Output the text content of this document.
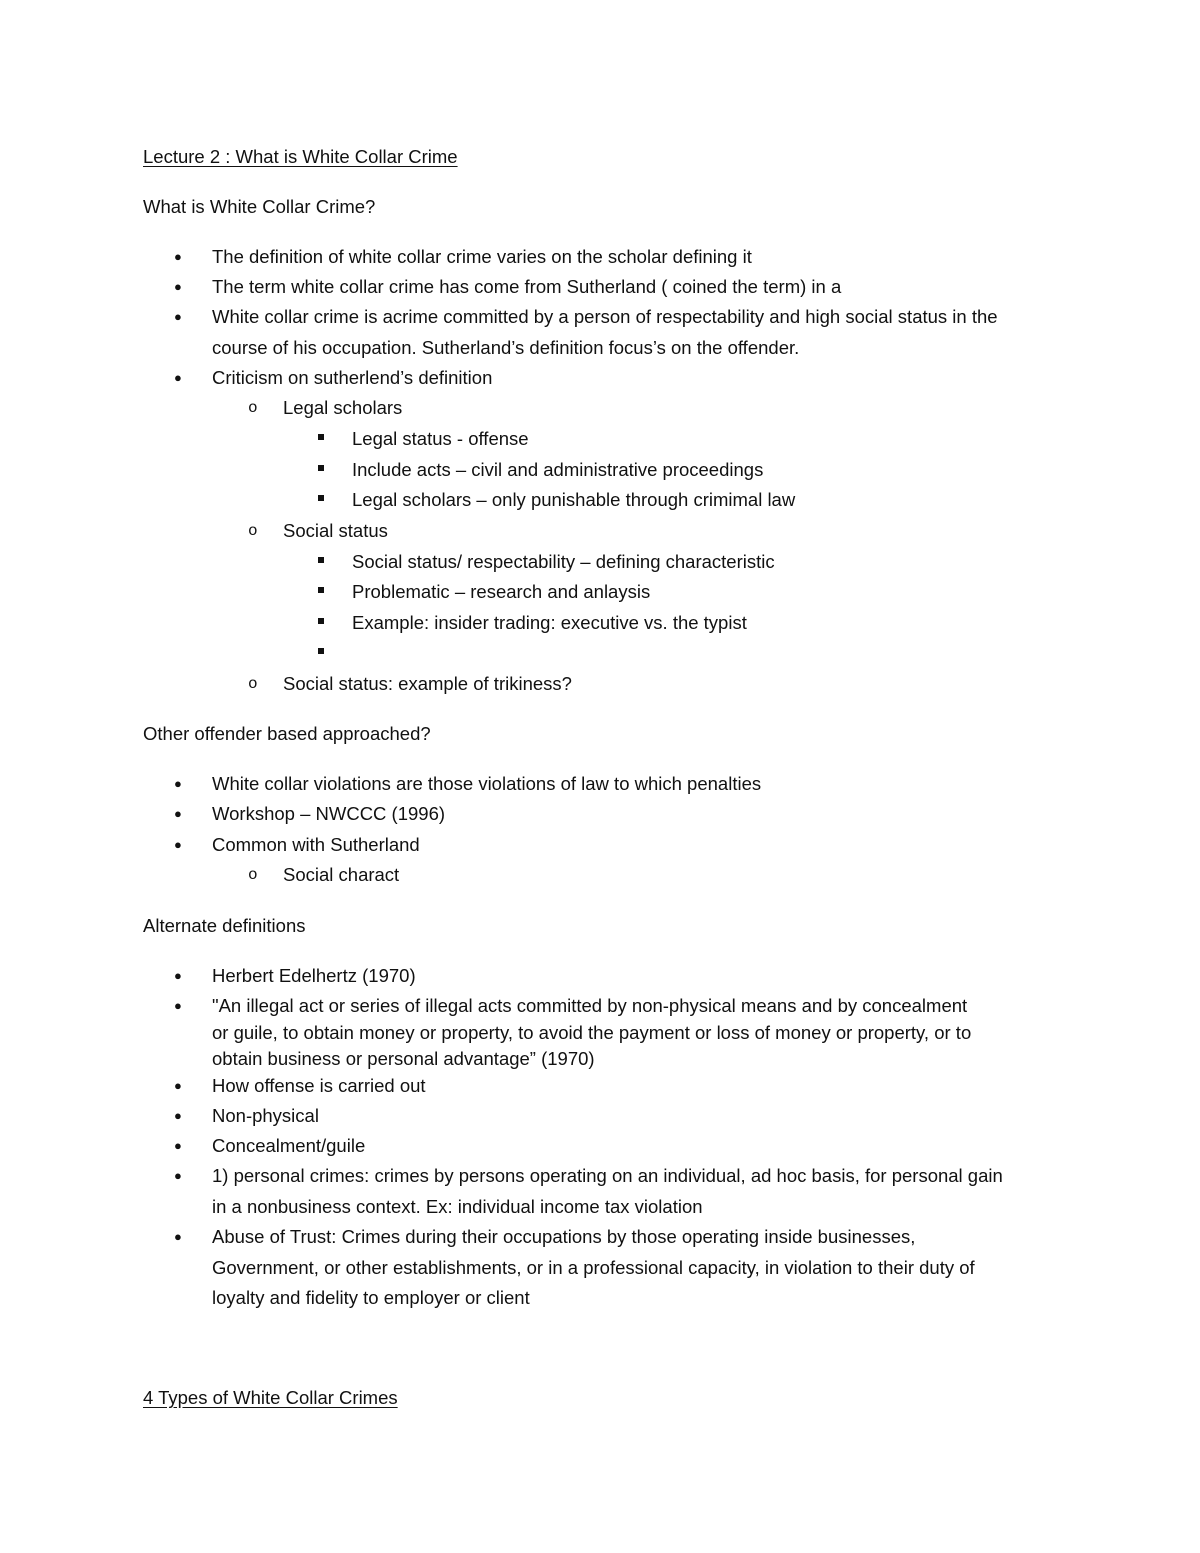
Lecture 2 : What is White Collar Crime
What is White Collar Crime?
● The definition of white collar crime varies on the scholar defining it
● The term white collar crime has come from Sutherland ( coined the term) in a
● White collar crime is acrime committed by a person of respectability and high social status in the
course of his occupation. Sutherland’s definition focus’s on the offender.
● Criticism on sutherlend’s definition
o Legal scholars
Legal status - offense
Include acts – civil and administrative proceedings
Legal scholars – only punishable through crimimal law
o Social status
Social status/ respectability – defining characteristic
Problematic – research and anlaysis
Example: insider trading: executive vs. the typist
o Social status: example of trikiness?
Other offender based approached?
● White collar violations are those violations of law to which penalties
● Workshop – NWCCC (1996)
● Common with Sutherland
o Social charact
Alternate definitions
● Herbert Edelhertz (1970)
● "An illegal act or series of illegal acts committed by non-physical means and by concealment
or guile, to obtain money or property, to avoid the payment or loss of money or property, or to
obtain business or personal advantage” (1970)
● How offense is carried out
● Non-physical
● Concealment/guile
● 1) personal crimes: crimes by persons operating on an individual, ad hoc basis, for personal gain
in a nonbusiness context. Ex: individual income tax violation
● Abuse of Trust: Crimes during their occupations by those operating inside businesses,
Government, or other establishments, or in a professional capacity, in violation to their duty of
loyalty and fidelity to employer or client
4 Types of White Collar Crimes
